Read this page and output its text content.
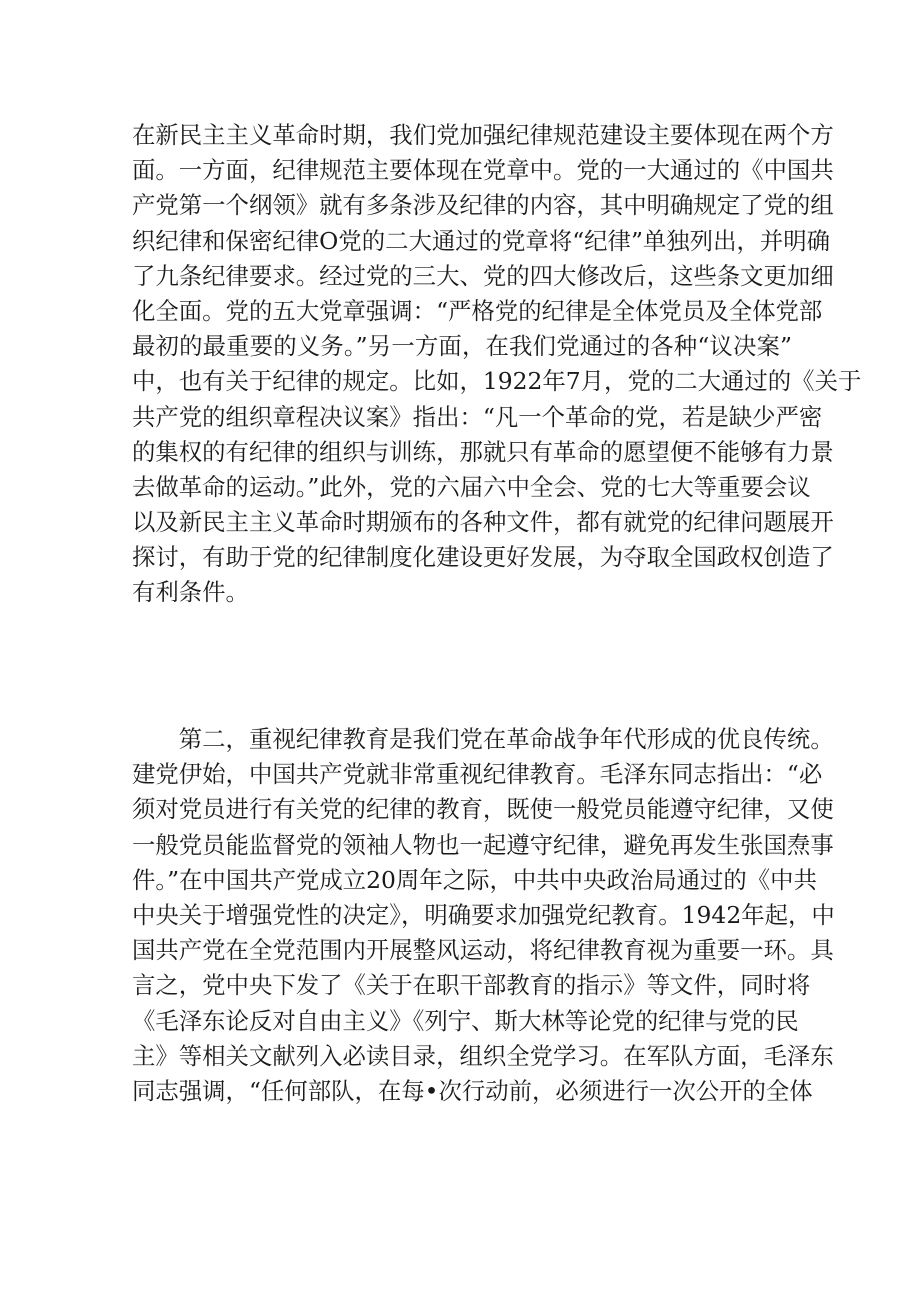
在新民主主义革命时期，我们党加强纪律规范建设主要体现在两个方
面。一方面，纪律规范主要体现在党章中。党的一大通过的《中国共
产党第一个纲领》就有多条涉及纪律的内容，其中明确规定了党的组
织纪律和保密纪律O党的二大通过的党章将“纪律”单独列出，并明确
了九条纪律要求。经过党的三大、党的四大修改后，这些条文更加细
化全面。党的五大党章强调：“严格党的纪律是全体党员及全体党部
最初的最重要的义务。”另一方面，在我们党通过的各种“议决案”
中，也有关于纪律的规定。比如，1922年7月，党的二大通过的《关于
共产党的组织章程决议案》指出：“凡一个革命的党，若是缺少严密
的集权的有纪律的组织与训练，那就只有革命的愿望便不能够有力景
去做革命的运动。”此外，党的六届六中全会、党的七大等重要会议
以及新民主主义革命时期颁布的各种文件，都有就党的纪律问题展开
探讨，有助于党的纪律制度化建设更好发展，为夺取全国政权创造了
有利条件。
　　第二，重视纪律教育是我们党在革命战争年代形成的优良传统。
建党伊始，中国共产党就非常重视纪律教育。毛泽东同志指出：“必
须对党员进行有关党的纪律的教育，既使一般党员能遵守纪律，又使
一般党员能监督党的领袖人物也一起遵守纪律，避免再发生张国焘事
件。”在中国共产党成立20周年之际，中共中央政治局通过的《中共
中央关于增强党性的决定》，明确要求加强党纪教育。1942年起，中
国共产党在全党范围内开展整风运动，将纪律教育视为重要一环。具
言之，党中央下发了《关于在职干部教育的指示》等文件，同时将
《毛泽东论反对自由主义》《列宁、斯大林等论党的纪律与党的民
主》等相关文献列入必读目录，组织全党学习。在军队方面，毛泽东
同志强调，“任何部队，在每•次行动前，必须进行一次公开的全体
